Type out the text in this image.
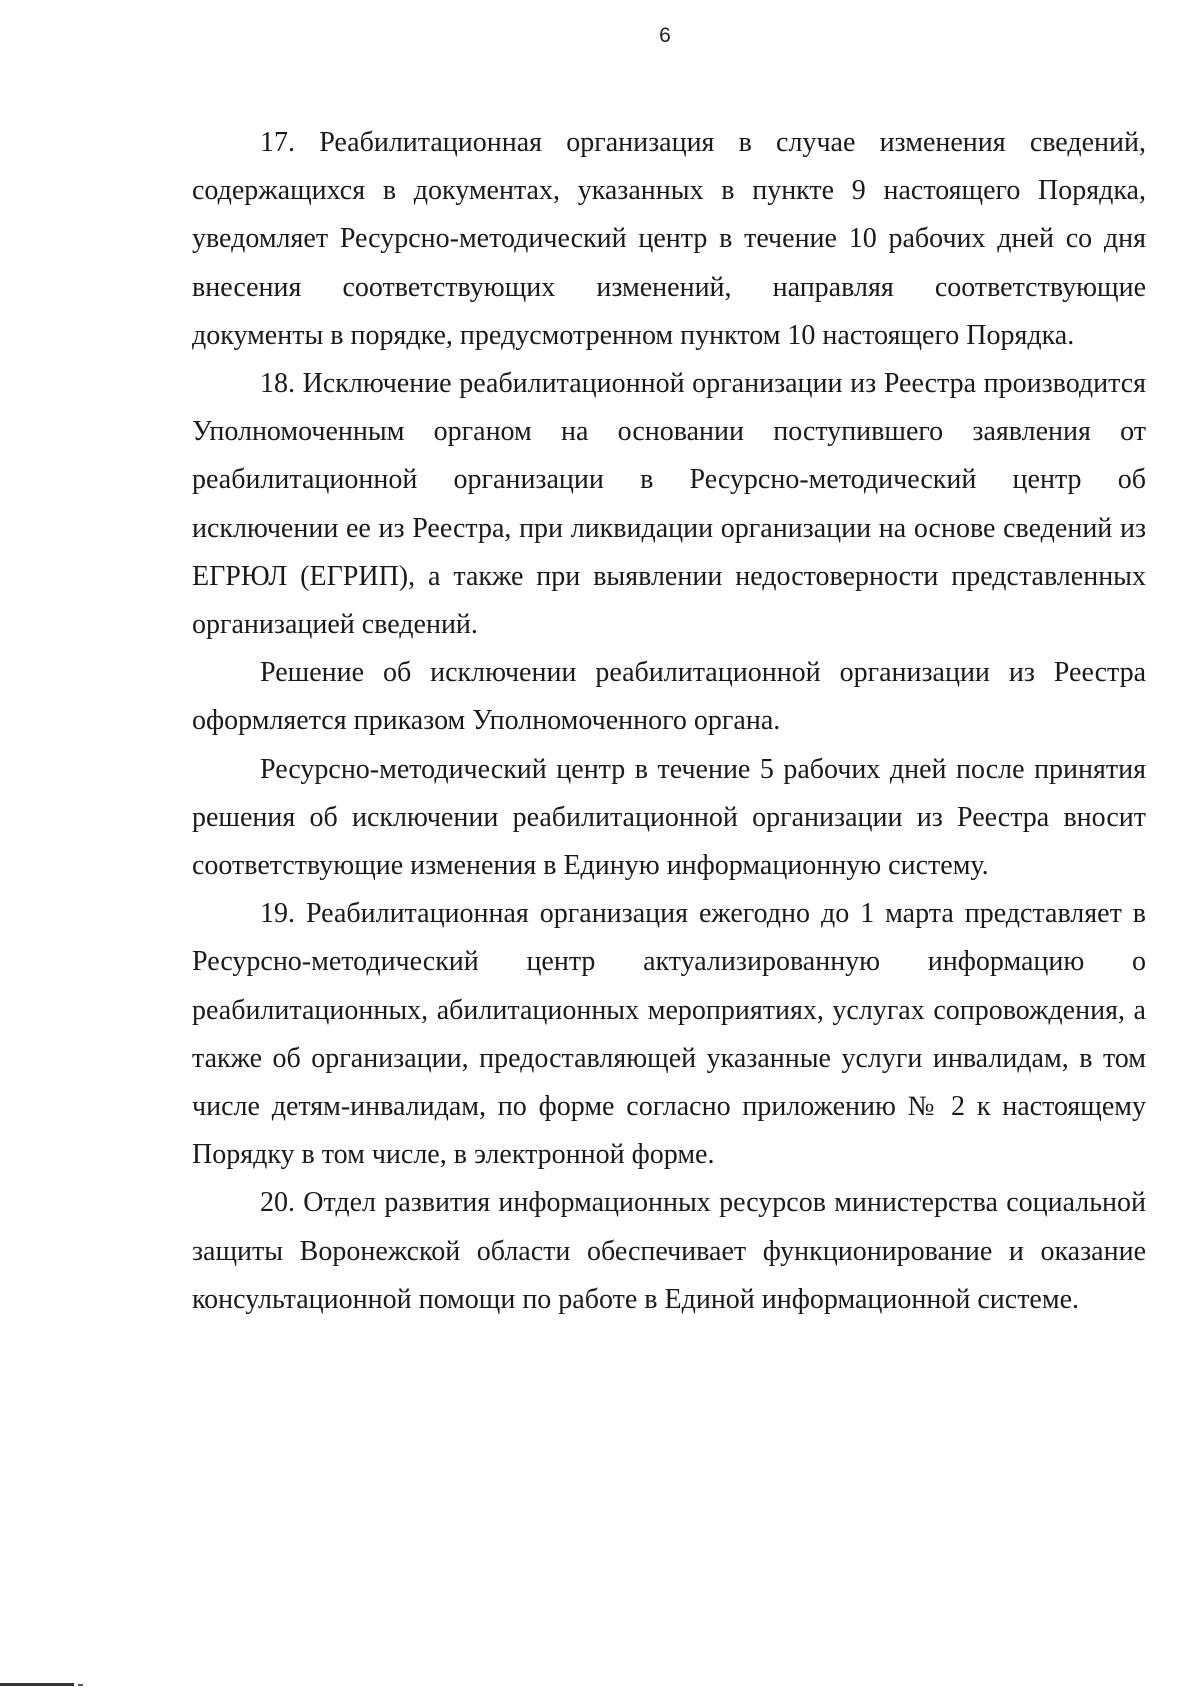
6

17. Реабилитационная организация в случае изменения сведений, содержащихся в документах, указанных в пункте 9 настоящего Порядка, уведомляет Ресурсно-методический центр в течение 10 рабочих дней со дня внесения соответствующих изменений, направляя соответствующие документы в порядке, предусмотренном пунктом 10 настоящего Порядка.

18. Исключение реабилитационной организации из Реестра производится Уполномоченным органом на основании поступившего заявления от реабилитационной организации в Ресурсно-методический центр об исключении ее из Реестра, при ликвидации организации на основе сведений из ЕГРЮЛ (ЕГРИП), а также при выявлении недостоверности представленных организацией сведений.

Решение об исключении реабилитационной организации из Реестра оформляется приказом Уполномоченного органа.

Ресурсно-методический центр в течение 5 рабочих дней после принятия решения об исключении реабилитационной организации из Реестра вносит соответствующие изменения в Единую информационную систему.

19. Реабилитационная организация ежегодно до 1 марта представляет в Ресурсно-методический центр актуализированную информацию о реабилитационных, абилитационных мероприятиях, услугах сопровождения, а также об организации, предоставляющей указанные услуги инвалидам, в том числе детям-инвалидам, по форме согласно приложению № 2 к настоящему Порядку в том числе, в электронной форме.

20. Отдел развития информационных ресурсов министерства социальной защиты Воронежской области обеспечивает функционирование и оказание консультационной помощи по работе в Единой информационной системе.
